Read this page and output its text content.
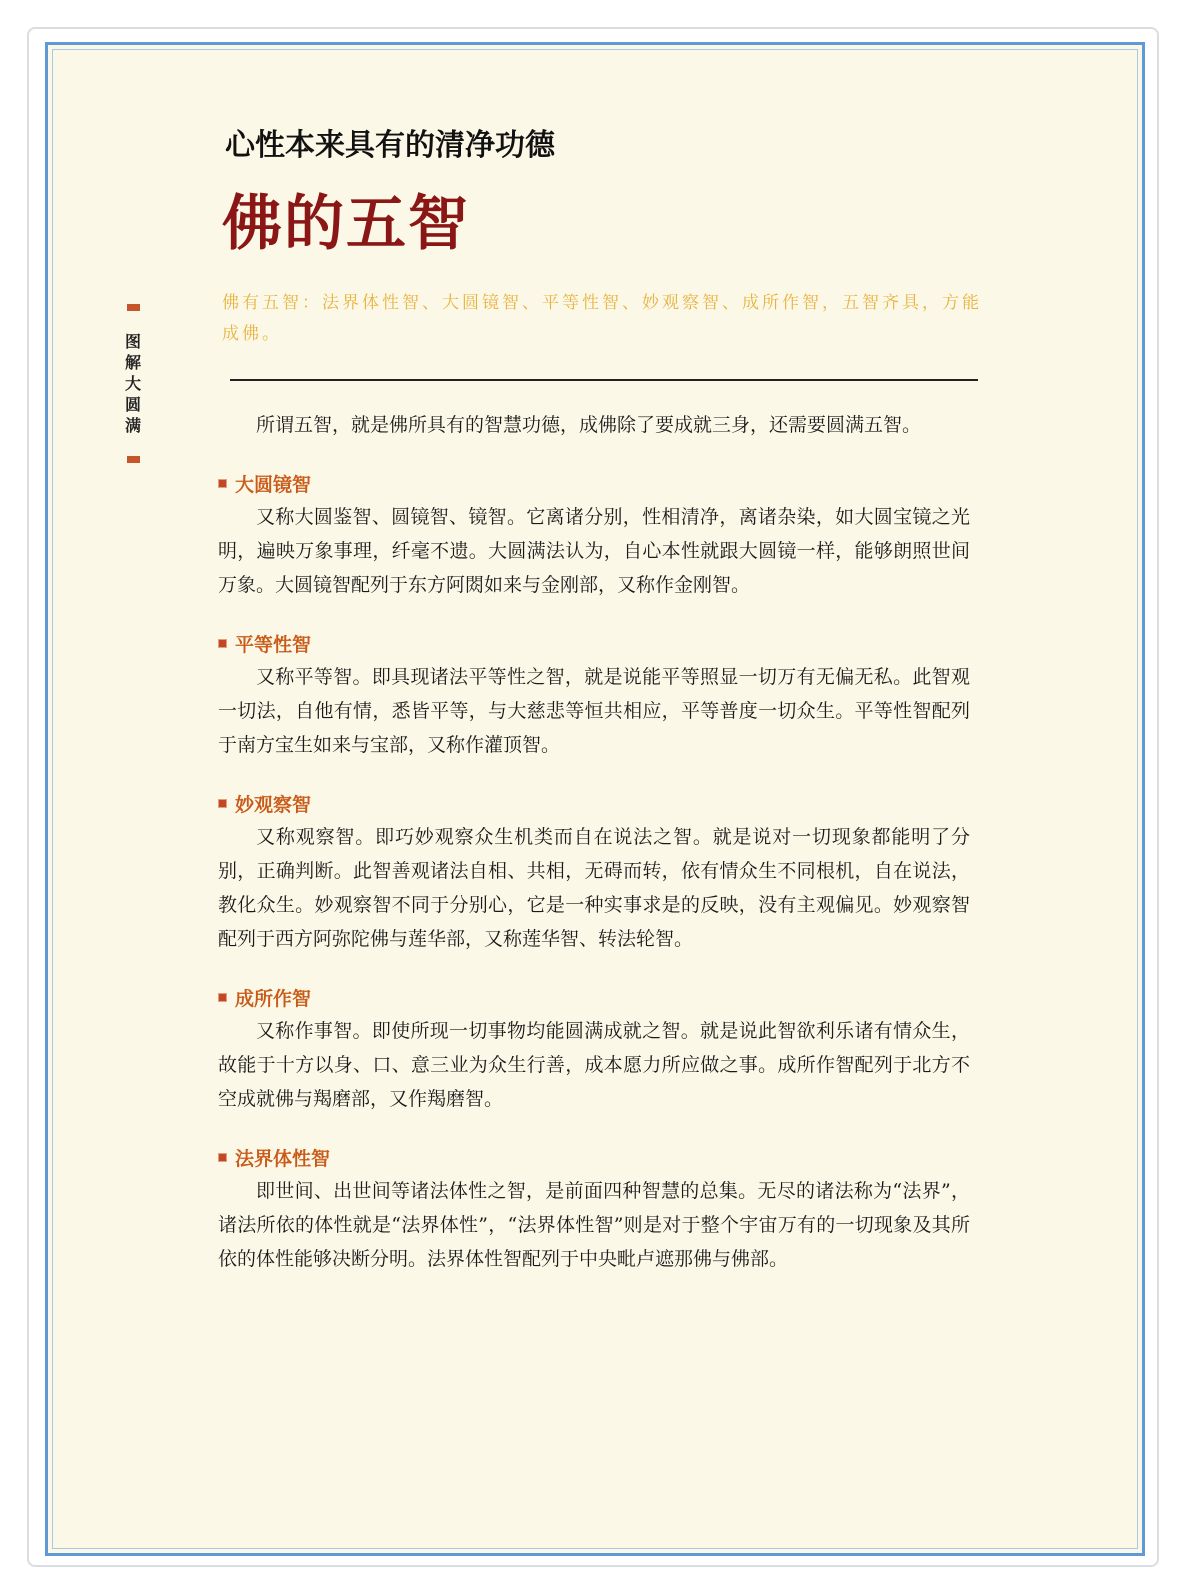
心性本来具有的清净功德
佛的五智
佛有五智：法界体性智、大圆镜智、平等性智、妙观察智、成所作智，五智齐具，方能成佛。
图解大圆满	所谓五智，就是佛所具有的智慧功德，成佛除了要成就三身，还需要圆满五智。

大圆镜智

又称大圆鉴智、圆镜智、镜智。它离诸分别，性相清净，离诸杂染，如大圆宝镜之光明，遍映万象事理，纤毫不遗。大圆满法认为，自心本性就跟大圆镜一样，能够朗照世间万象。大圆镜智配列于东方阿閦如来与金刚部，又称作金刚智。

平等性智

又称平等智。即具现诸法平等性之智，就是说能平等照显一切万有无偏无私。此智观一切法，自他有情，悉皆平等，与大慈悲等恒共相应，平等普度一切众生。平等性智配列于南方宝生如来与宝部，又称作灌顶智。

妙观察智

又称观察智。即巧妙观察众生机类而自在说法之智。就是说对一切现象都能明了分别，正确判断。此智善观诸法自相、共相，无碍而转，依有情众生不同根机，自在说法，教化众生。妙观察智不同于分别心，它是一种实事求是的反映，没有主观偏见。妙观察智配列于西方阿弥陀佛与莲华部，又称莲华智、转法轮智。

成所作智

又称作事智。即使所现一切事物均能圆满成就之智。就是说此智欲利乐诸有情众生，故能于十方以身、口、意三业为众生行善，成本愿力所应做之事。成所作智配列于北方不空成就佛与羯磨部，又作羯磨智。

法界体性智

即世间、出世间等诸法体性之智，是前面四种智慧的总集。无尽的诸法称为“法界”，诸法所依的体性就是“法界体性”，“法界体性智”则是对于整个宇宙万有的一切现象及其所依的体性能够决断分明。法界体性智配列于中央毗卢遮那佛与佛部。
